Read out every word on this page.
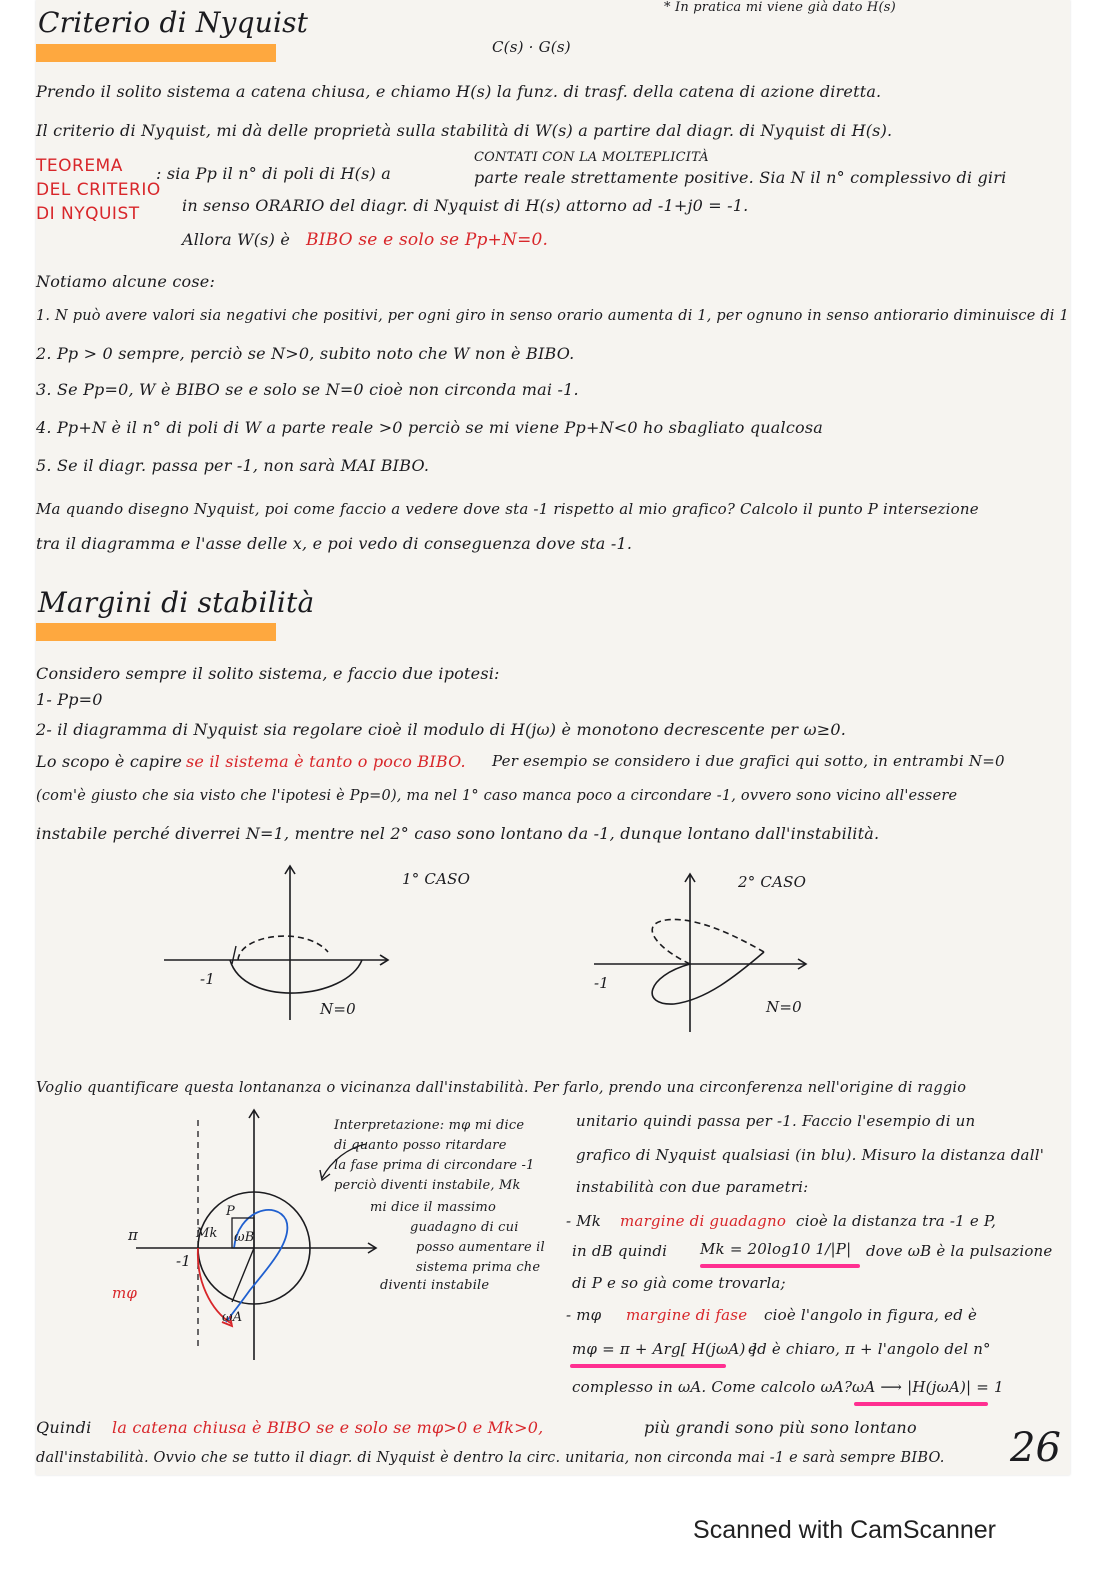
Criterio di Nyquist	* In pratica mi viene già dato H(s)
C(s) · G(s)
Prendo il solito sistema a catena chiusa, e chiamo H(s) la funz. di trasf. della catena di azione diretta.
Il criterio di Nyquist, mi dà delle proprietà sulla stabilità di W(s) a partire dal diagr. di Nyquist di H(s).
TEOREMA
DEL CRITERIO
DI NYQUIST
: sia Pp il n° di poli di H(s) a
CONTATI CON LA MOLTEPLICITÀ
parte reale strettamente positive. Sia N il n° complessivo di giri
in senso ORARIO del diagr. di Nyquist di H(s) attorno ad -1+j0 = -1.
Allora W(s) è BIBO se e solo se Pp+N=0.
Notiamo alcune cose:
1. N può avere valori sia negativi che positivi, per ogni giro in senso orario aumenta di 1, per ognuno in senso antiorario diminuisce di 1
2. Pp > 0 sempre, perciò se N>0, subito noto che W non è BIBO.
3. Se Pp=0, W è BIBO se e solo se N=0 cioè non circonda mai -1.
4. Pp+N è il n° di poli di W a parte reale >0 perciò se mi viene Pp+N<0 ho sbagliato qualcosa
5. Se il diagr. passa per -1, non sarà MAI BIBO.
Ma quando disegno Nyquist, poi come faccio a vedere dove sta -1 rispetto al mio grafico? Calcolo il punto P intersezione
tra il diagramma e l'asse delle x, e poi vedo di conseguenza dove sta -1.
Margini di stabilità
Considero sempre il solito sistema, e faccio due ipotesi:
1- Pp=0
2- il diagramma di Nyquist sia regolare cioè il modulo di H(jω) è monotono decrescente per ω≥0.
Lo scopo è capire se il sistema è tanto o poco BIBO. Per esempio se considero i due grafici qui sotto, in entrambi N=0
(com'è giusto che sia visto che l'ipotesi è Pp=0), ma nel 1° caso manca poco a circondare -1, ovvero sono vicino all'essere
instabile perché diverrei N=1, mentre nel 2° caso sono lontano da -1, dunque lontano dall'instabilità.
1° CASO	2° CASO
-1
N=0
-1
N=0
Voglio quantificare questa lontananza o vicinanza dall'instabilità. Per farlo, prendo una circonferenza nell'origine di raggio
π
-1
P
Mk ωB
ωA
mφ
Interpretazione: mφ mi dice
di quanto posso ritardare
la fase prima di circondare -1
perciò diventi instabile, Mk
mi dice il massimo
guadagno di cui
posso aumentare il
sistema prima che
diventi instabile
unitario quindi passa per -1. Faccio l'esempio di un
grafico di Nyquist qualsiasi (in blu). Misuro la distanza dall'
instabilità con due parametri:
- Mk margine di guadagno cioè la distanza tra -1 e P,
in dB quindi Mk = 20log10 1/|P| dove ωB è la pulsazione
di P e so già come trovarla;
- mφ margine di fase cioè l'angolo in figura, ed è
mφ = π + Arg[ H(jωA) ]
ed è chiaro, π + l'angolo del n°
complesso in ωA. Come calcolo ωA? ωA ⟶ |H(jωA)| = 1
Quindi la catena chiusa è BIBO se e solo se mφ>0 e Mk>0,	più grandi sono più sono lontano
dall'instabilità. Ovvio che se tutto il diagr. di Nyquist è dentro la circ. unitaria, non circonda mai -1 e sarà sempre BIBO. 26
Scanned with CamScanner
